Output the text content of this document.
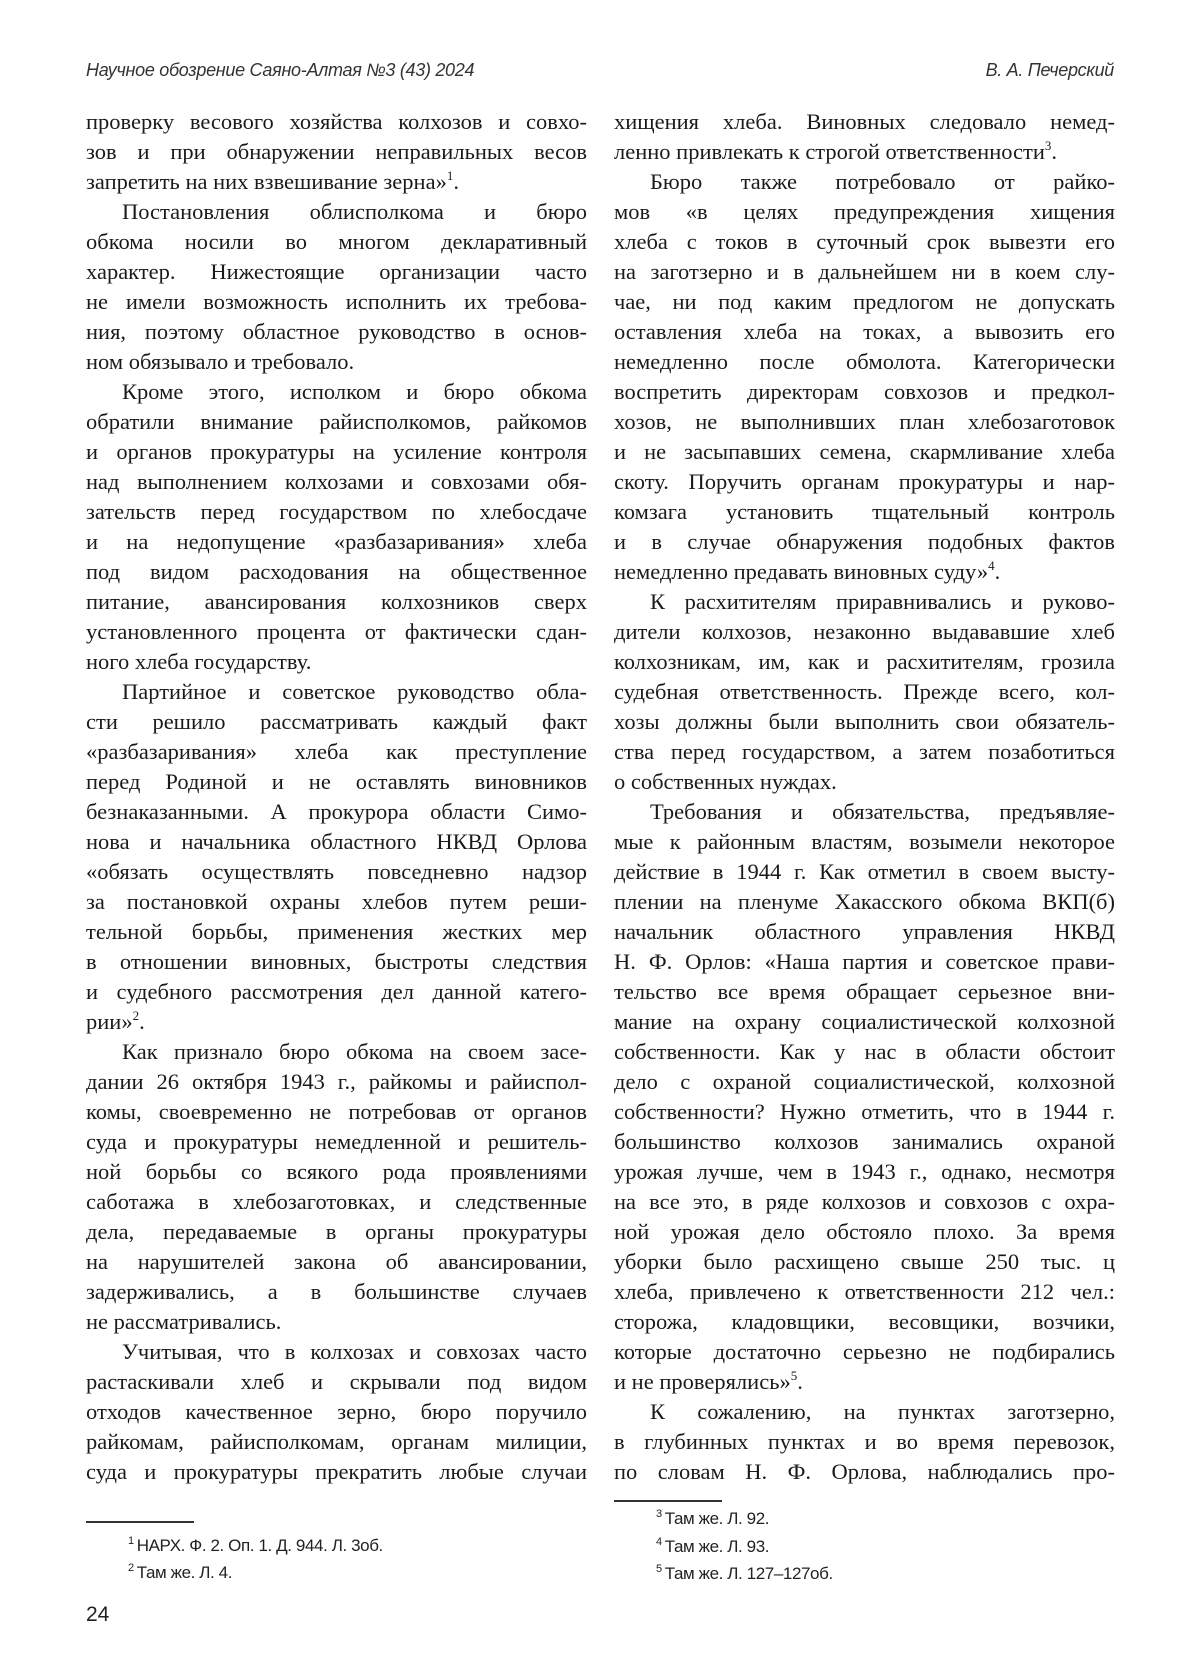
Научное обозрение Саяно-Алтая №3 (43) 2024	В. А. Печерский
проверку весового хозяйства колхозов и совхо-
зов и при обнаружении неправильных весов
запретить на них взвешивание зерна»1.
Постановления облисполкома и бюро
обкома носили во многом декларативный
характер. Нижестоящие организации часто
не имели возможность исполнить их требова-
ния, поэтому областное руководство в основ-
ном обязывало и требовало.
Кроме этого, исполком и бюро обкома
обратили внимание райисполкомов, райкомов
и органов прокуратуры на усиление контроля
над выполнением колхозами и совхозами обя-
зательств перед государством по хлебосдаче
и на недопущение «разбазаривания» хлеба
под видом расходования на общественное
питание, авансирования колхозников сверх
установленного процента от фактически сдан-
ного хлеба государству.
Партийное и советское руководство обла-
сти решило рассматривать каждый факт
«разбазаривания» хлеба как преступление
перед Родиной и не оставлять виновников
безнаказанными. А прокурора области Симо-
нова и начальника областного НКВД Орлова
«обязать осуществлять повседневно надзор
за постановкой охраны хлебов путем реши-
тельной борьбы, применения жестких мер
в отношении виновных, быстроты следствия
и судебного рассмотрения дел данной катего-
рии»2.
Как признало бюро обкома на своем засе-
дании 26 октября 1943 г., райкомы и райиспол-
комы, своевременно не потребовав от органов
суда и прокуратуры немедленной и решитель-
ной борьбы со всякого рода проявлениями
саботажа в хлебозаготовках, и следственные
дела, передаваемые в органы прокуратуры
на нарушителей закона об авансировании,
задерживались, а в большинстве случаев
не рассматривались.
Учитывая, что в колхозах и совхозах часто
растаскивали хлеб и скрывали под видом
отходов качественное зерно, бюро поручило
райкомам, райисполкомам, органам милиции,
суда и прокуратуры прекратить любые случаи
хищения хлеба. Виновных следовало немед-
ленно привлекать к строгой ответственности3.
Бюро также потребовало от райко-
мов «в целях предупреждения хищения
хлеба с токов в суточный срок вывезти его
на заготзерно и в дальнейшем ни в коем слу-
чае, ни под каким предлогом не допускать
оставления хлеба на токах, а вывозить его
немедленно после обмолота. Категорически
воспретить директорам совхозов и предкол-
хозов, не выполнивших план хлебозаготовок
и не засыпавших семена, скармливание хлеба
скоту. Поручить органам прокуратуры и нар-
комзага установить тщательный контроль
и в случае обнаружения подобных фактов
немедленно предавать виновных суду»4.
К расхитителям приравнивались и руково-
дители колхозов, незаконно выдававшие хлеб
колхозникам, им, как и расхитителям, грозила
судебная ответственность. Прежде всего, кол-
хозы должны были выполнить свои обязатель-
ства перед государством, а затем позаботиться
о собственных нуждах.
Требования и обязательства, предъявляе-
мые к районным властям, возымели некоторое
действие в 1944 г. Как отметил в своем высту-
плении на пленуме Хакасского обкома ВКП(б)
начальник областного управления НКВД
Н. Ф. Орлов: «Наша партия и советское прави-
тельство все время обращает серьезное вни-
мание на охрану социалистической колхозной
собственности. Как у нас в области обстоит
дело с охраной социалистической, колхозной
собственности? Нужно отметить, что в 1944 г.
большинство колхозов занимались охраной
урожая лучше, чем в 1943 г., однако, несмотря
на все это, в ряде колхозов и совхозов с охра-
ной урожая дело обстояло плохо. За время
уборки было расхищено свыше 250 тыс. ц
хлеба, привлечено к ответственности 212 чел.:
сторожа, кладовщики, весовщики, возчики,
которые достаточно серьезно не подбирались
и не проверялись»5.
К сожалению, на пунктах заготзерно,
в глубинных пунктах и во время перевозок,
по словам Н. Ф. Орлова, наблюдались про-
1 НАРХ. Ф. 2. Оп. 1. Д. 944. Л. 3об.
2 Там же. Л. 4.
3 Там же. Л. 92.
4 Там же. Л. 93.
5 Там же. Л. 127–127об.
24
